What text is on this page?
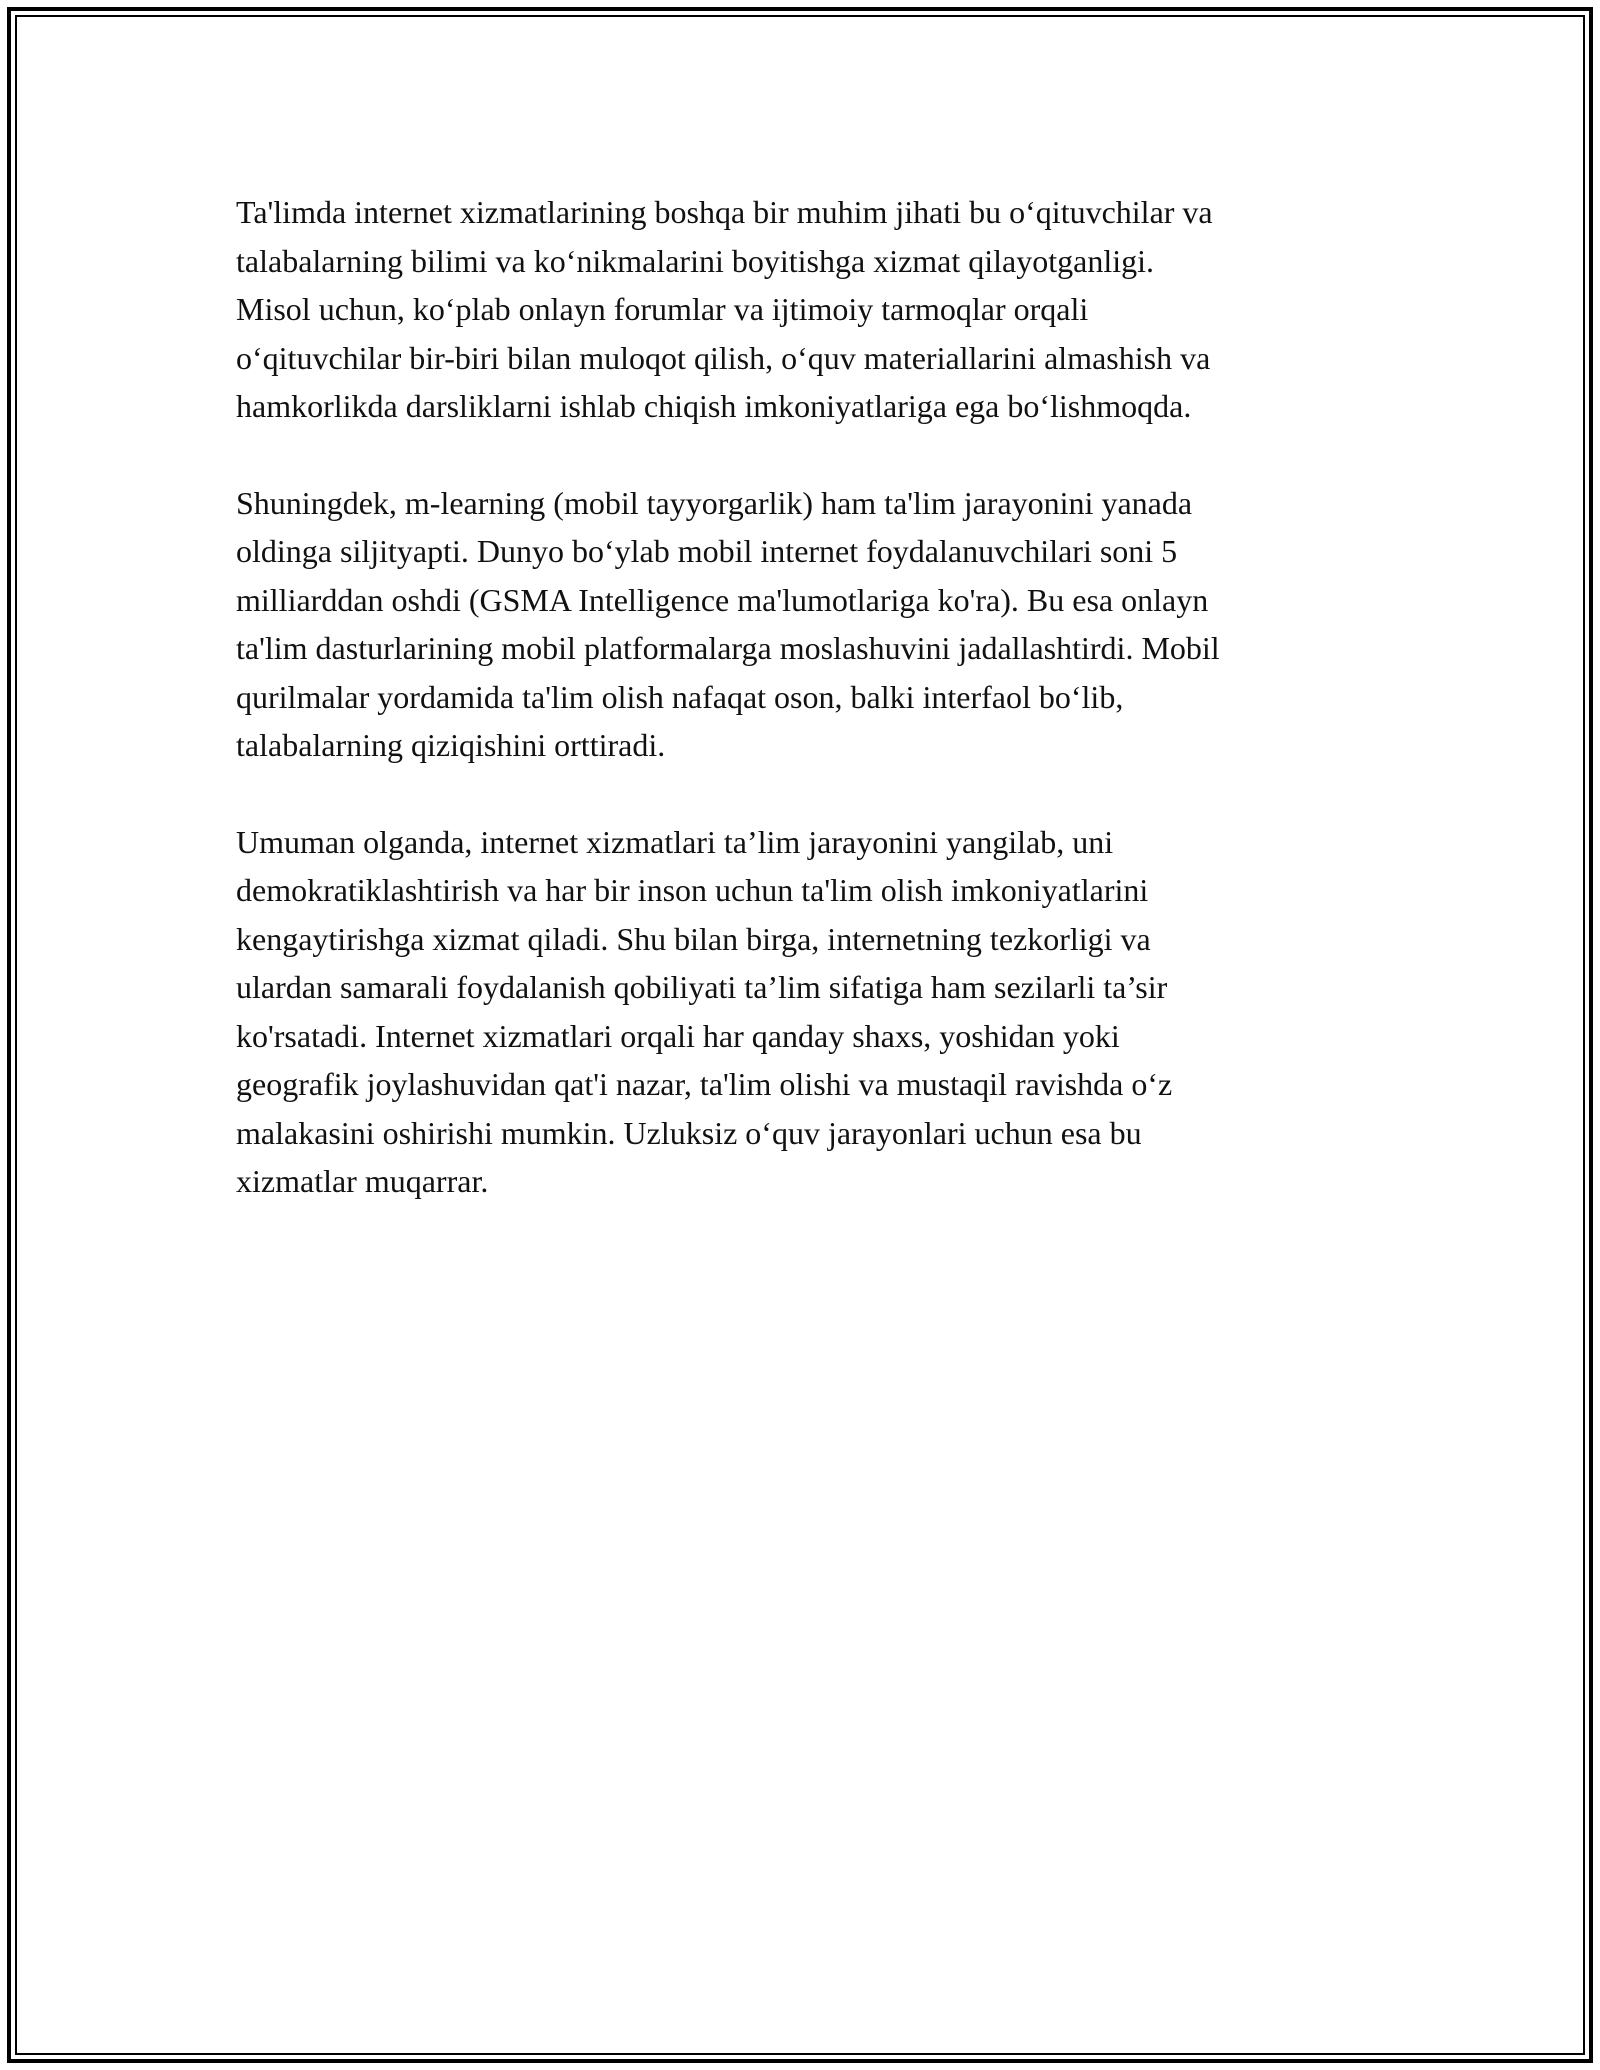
Ta'limda internet xizmatlarining boshqa bir muhim jihati bu o‘qituvchilar va
talabalarning bilimi va ko‘nikmalarini boyitishga xizmat qilayotganligi.
Misol uchun, ko‘plab onlayn forumlar va ijtimoiy tarmoqlar orqali
o‘qituvchilar bir-biri bilan muloqot qilish, o‘quv materiallarini almashish va
hamkorlikda darsliklarni ishlab chiqish imkoniyatlariga ega bo‘lishmoqda.

Shuningdek, m-learning (mobil tayyorgarlik) ham ta'lim jarayonini yanada
oldinga siljityapti. Dunyo bo‘ylab mobil internet foydalanuvchilari soni 5
milliarddan oshdi (GSMA Intelligence ma'lumotlariga ko'ra). Bu esa onlayn
ta'lim dasturlarining mobil platformalarga moslashuvini jadallashtirdi. Mobil
qurilmalar yordamida ta'lim olish nafaqat oson, balki interfaol bo‘lib,
talabalarning qiziqishini orttiradi.

Umuman olganda, internet xizmatlari ta’lim jarayonini yangilab, uni
demokratiklashtirish va har bir inson uchun ta'lim olish imkoniyatlarini
kengaytirishga xizmat qiladi. Shu bilan birga, internetning tezkorligi va
ulardan samarali foydalanish qobiliyati ta’lim sifatiga ham sezilarli ta’sir
ko'rsatadi. Internet xizmatlari orqali har qanday shaxs, yoshidan yoki
geografik joylashuvidan qat'i nazar, ta'lim olishi va mustaqil ravishda o‘z
malakasini oshirishi mumkin. Uzluksiz o‘quv jarayonlari uchun esa bu
xizmatlar muqarrar.
